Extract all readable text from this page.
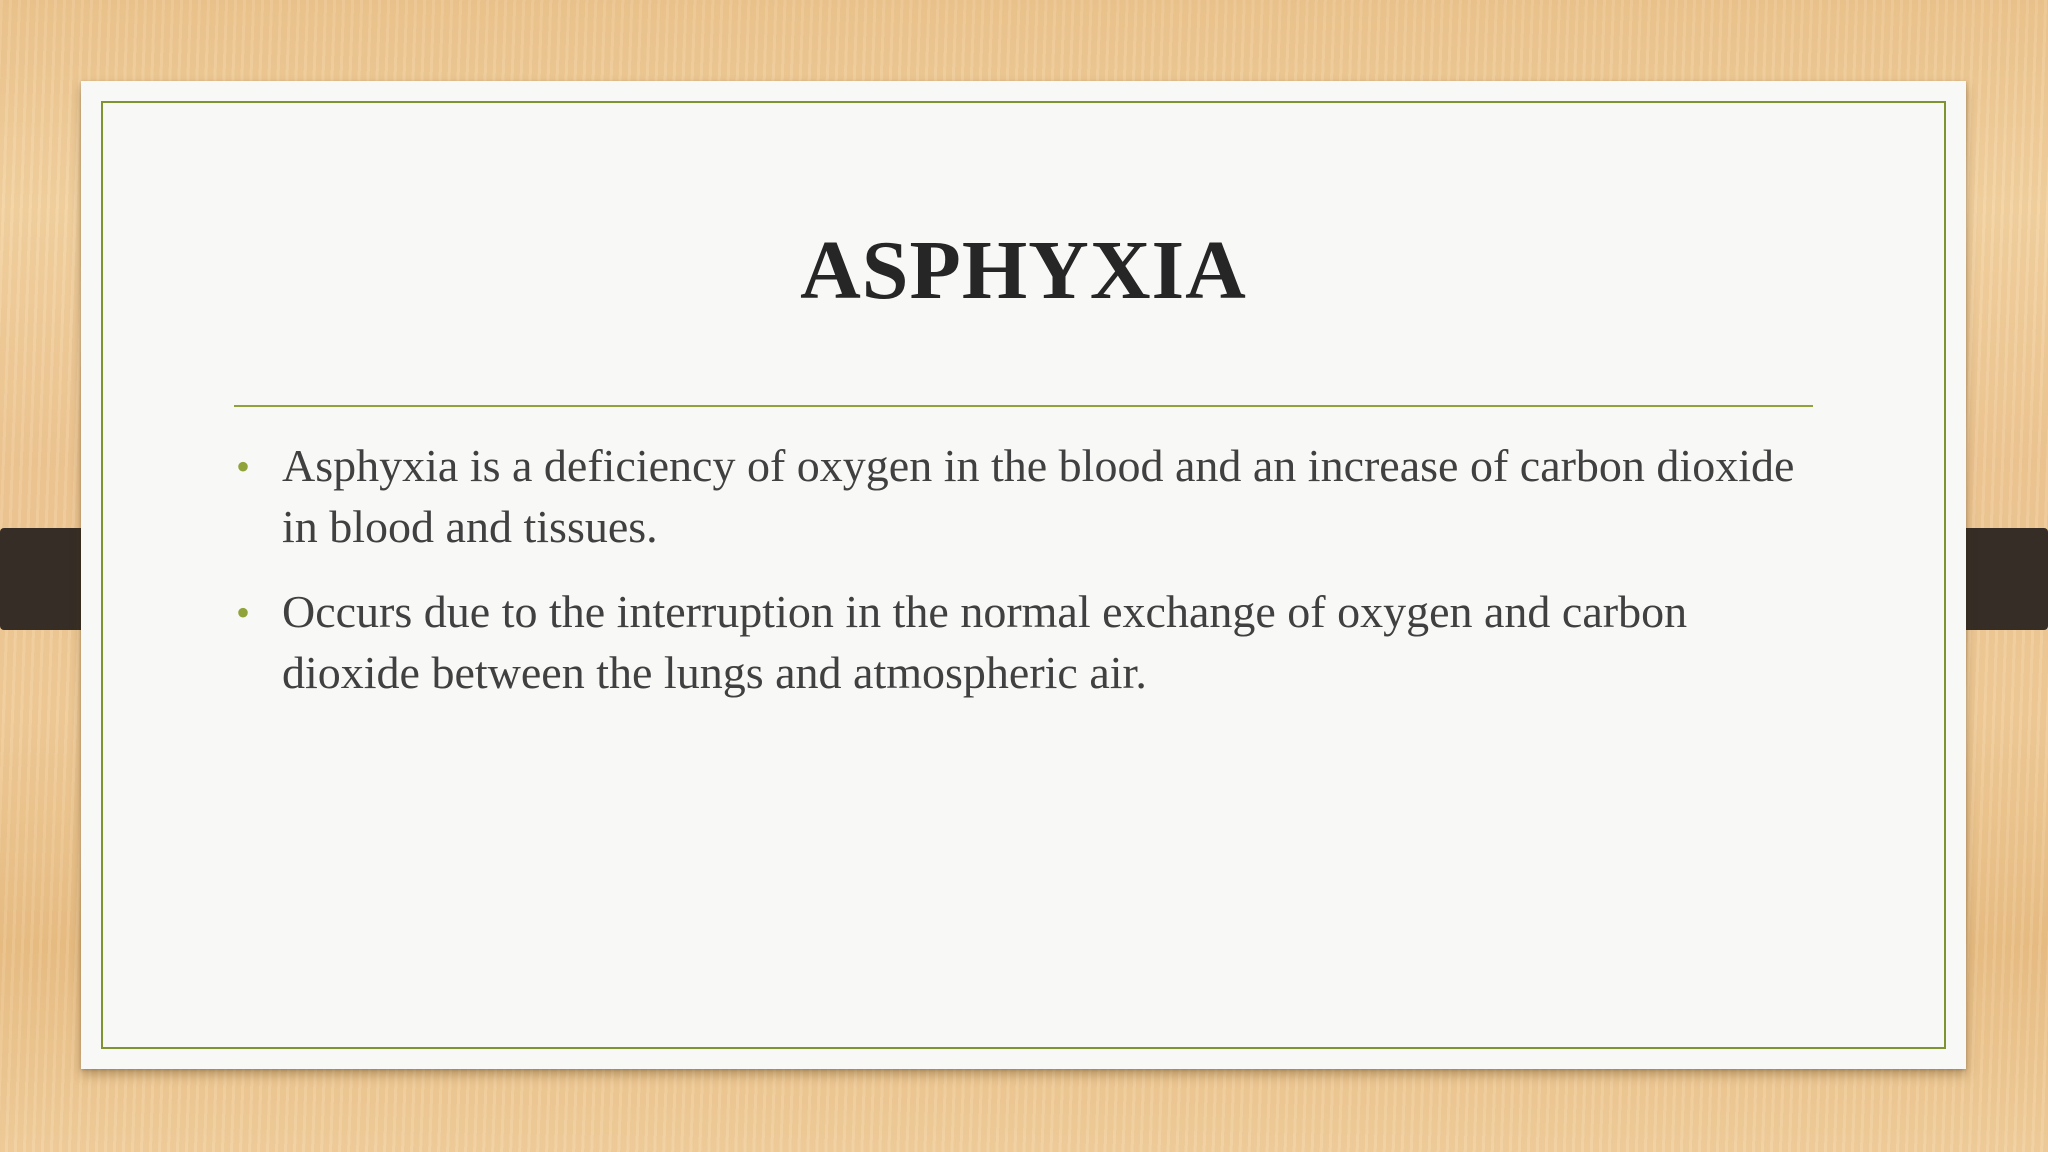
ASPHYXIA
• Asphyxia is a deficiency of oxygen in the blood and an increase of carbon dioxide in blood and tissues.
• Occurs due to the interruption in the normal exchange of oxygen and carbon dioxide between the lungs and atmospheric air.
